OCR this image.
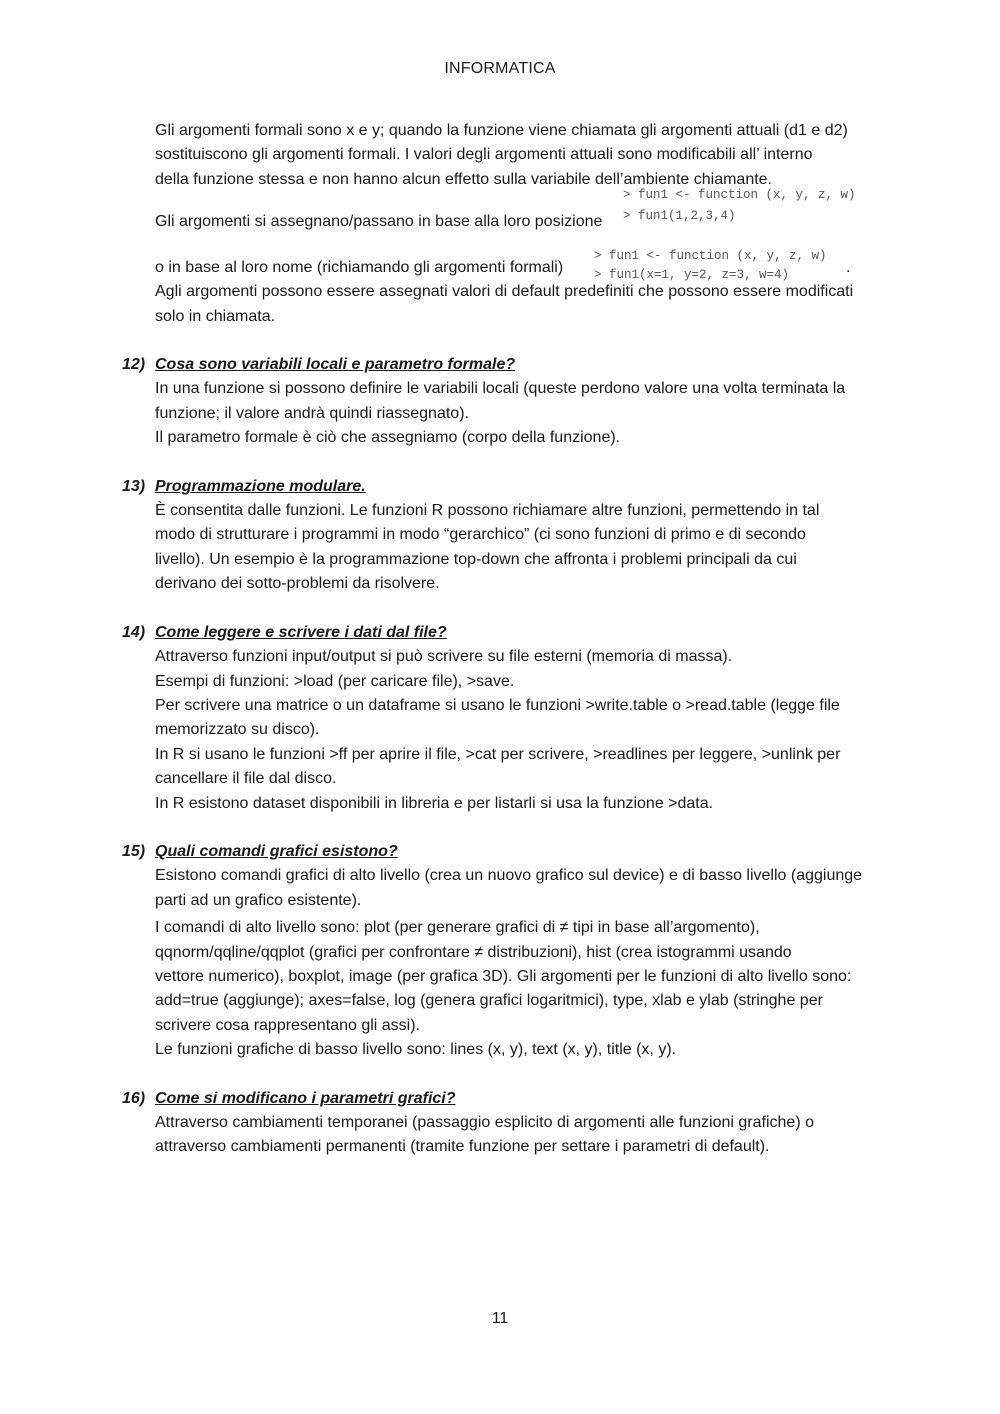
INFORMATICA

Gli argomenti formali sono x e y; quando la funzione viene chiamata gli argomenti attuali (d1 e d2)

sostituiscono gli argomenti formali. I valori degli argomenti attuali sono modificabili all’ interno

della funzione stessa e non hanno alcun effetto sulla variabile dell’ambiente chiamante.

> fun1 <- function (x, y, z, w)
Gli argomenti si assegnano/passano in base alla loro posizione > fun1(1,2,3,4)
> fun1 <- function (x, y, z, w)
o in base al loro nome (richiamando gli argomenti formali) > fun1(x=1, y=2, z=3, w=4)	.

Agli argomenti possono essere assegnati valori di default predefiniti che possono essere modificati

solo in chiamata.

12) Cosa sono variabili locali e parametro formale?

In una funzione si possono definire le variabili locali (queste perdono valore una volta terminata la

funzione; il valore andrà quindi riassegnato).

Il parametro formale è ciò che assegniamo (corpo della funzione).

13) Programmazione modulare.

È consentita dalle funzioni. Le funzioni R possono richiamare altre funzioni, permettendo in tal

modo di strutturare i programmi in modo “gerarchico” (ci sono funzioni di primo e di secondo

livello). Un esempio è la programmazione top-down che affronta i problemi principali da cui

derivano dei sotto-problemi da risolvere.

14) Come leggere e scrivere i dati dal file?

Attraverso funzioni input/output si può scrivere su file esterni (memoria di massa).

Esempi di funzioni: >load (per caricare file), >save.

Per scrivere una matrice o un dataframe si usano le funzioni >write.table o >read.table (legge file

memorizzato su disco).

In R si usano le funzioni >ff per aprire il file, >cat per scrivere, >readlines per leggere, >unlink per

cancellare il file dal disco.

In R esistono dataset disponibili in libreria e per listarli si usa la funzione >data.

15) Quali comandi grafici esistono?

Esistono comandi grafici di alto livello (crea un nuovo grafico sul device) e di basso livello (aggiunge

parti ad un grafico esistente).

I comandi di alto livello sono: plot (per generare grafici di ≠ tipi in base all’argomento),

qqnorm/qqline/qqplot (grafici per confrontare ≠ distribuzioni), hist (crea istogrammi usando

vettore numerico), boxplot, image (per grafica 3D). Gli argomenti per le funzioni di alto livello sono:

add=true (aggiunge); axes=false, log (genera grafici logaritmici), type, xlab e ylab (stringhe per

scrivere cosa rappresentano gli assi).

Le funzioni grafiche di basso livello sono: lines (x, y), text (x, y), title (x, y).

16) Come si modificano i parametri grafici?

Attraverso cambiamenti temporanei (passaggio esplicito di argomenti alle funzioni grafiche) o

attraverso cambiamenti permanenti (tramite funzione per settare i parametri di default).

11
